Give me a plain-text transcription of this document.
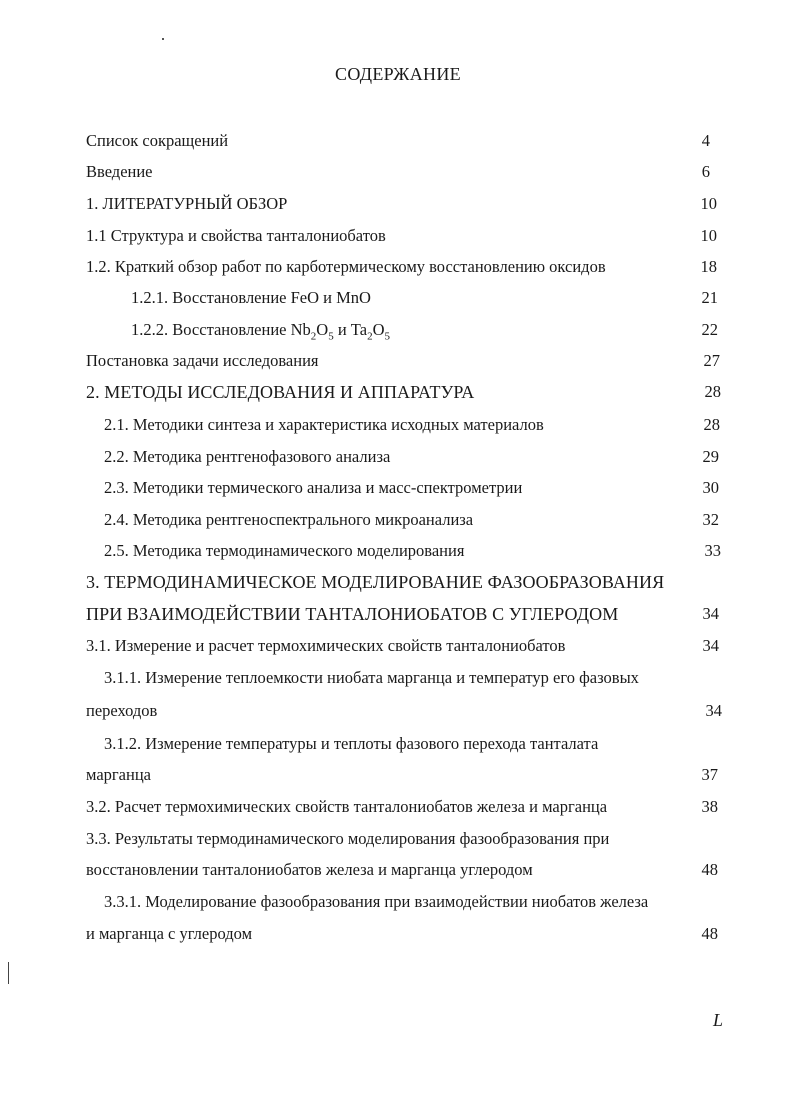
СОДЕРЖАНИЕ
Список сокращений	4
Введение	6
1. ЛИТЕРАТУРНЫЙ ОБЗОР	10
1.1 Структура и свойства танталониобатов	10
1.2. Краткий обзор работ по карботермическому восстановлению оксидов	18
1.2.1. Восстановление FeO и MnO	21
1.2.2. Восстановление $Nb_2O_5$ и $Ta_2O_5$	22
Постановка задачи исследования	27
2. МЕТОДЫ ИССЛЕДОВАНИЯ И АППАРАТУРА	28
2.1. Методики синтеза и характеристика исходных материалов	28
2.2. Методика рентгенофазового анализа	29
2.3. Методики термического анализа и масс-спектрометрии	30
2.4. Методика рентгеноспектрального микроанализа	32
2.5. Методика термодинамического моделирования	33
3. ТЕРМОДИНАМИЧЕСКОЕ МОДЕЛИРОВАНИЕ ФАЗООБРАЗОВАНИЯ
ПРИ ВЗАИМОДЕЙСТВИИ ТАНТАЛОНИОБАТОВ С УГЛЕРОДОМ	34
3.1. Измерение и расчет термохимических свойств танталониобатов	34
3.1.1. Измерение теплоемкости ниобата марганца и температур его фазовых
переходов	34
3.1.2. Измерение температуры и теплоты фазового перехода танталата
марганца	37
3.2. Расчет термохимических свойств танталониобатов железа и марганца	38
3.3. Результаты термодинамического моделирования фазообразования при
восстановлении танталониобатов железа и марганца углеродом	48
3.3.1. Моделирование фазообразования при взаимодействии ниобатов железа
и марганца с углеродом	48
L
